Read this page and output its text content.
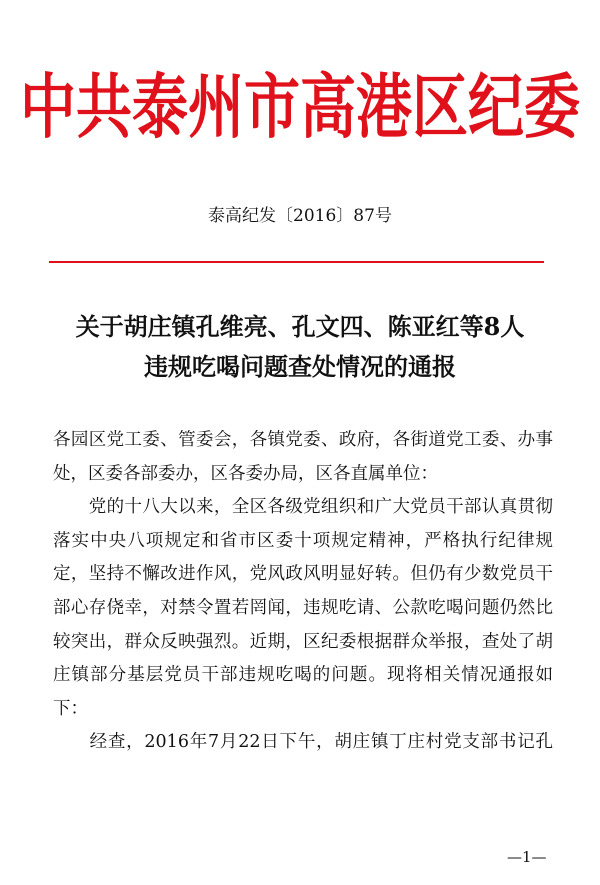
中共泰州市高港区纪委
泰高纪发〔2016〕87号
关于胡庄镇孔维亮、孔文四、陈亚红等8人
违规吃喝问题查处情况的通报
各园区党工委、管委会，各镇党委、政府，各街道党工委、办事
处，区委各部委办，区各委办局，区各直属单位：
　　党的十八大以来，全区各级党组织和广大党员干部认真贯彻
落实中央八项规定和省市区委十项规定精神，严格执行纪律规
定，坚持不懈改进作风，党风政风明显好转。但仍有少数党员干
部心存侥幸，对禁令置若罔闻，违规吃请、公款吃喝问题仍然比
较突出，群众反映强烈。近期，区纪委根据群众举报，查处了胡
庄镇部分基层党员干部违规吃喝的问题。现将相关情况通报如
下：
　　经查，2016年7月22日下午，胡庄镇丁庄村党支部书记孔
—1—
